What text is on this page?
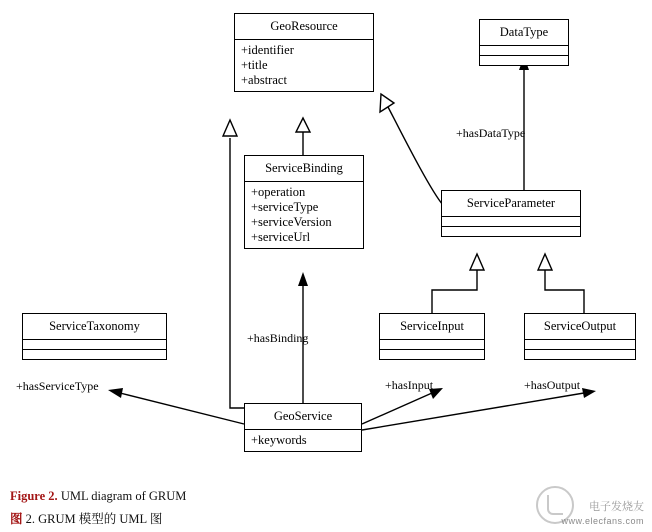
GeoResource
+identifier
+title
+abstract
DataType
ServiceBinding
+operation
+serviceType
+serviceVersion
+serviceUrl
ServiceParameter
ServiceTaxonomy	ServiceInput	ServiceOutput
GeoService
+keywords
+hasDataType
+hasBinding
+hasServiceType	+hasInput	+hasOutput
Figure 2. UML diagram of GRUM
图 2. GRUM 模型的 UML 图
电子发烧友
www.elecfans.com
